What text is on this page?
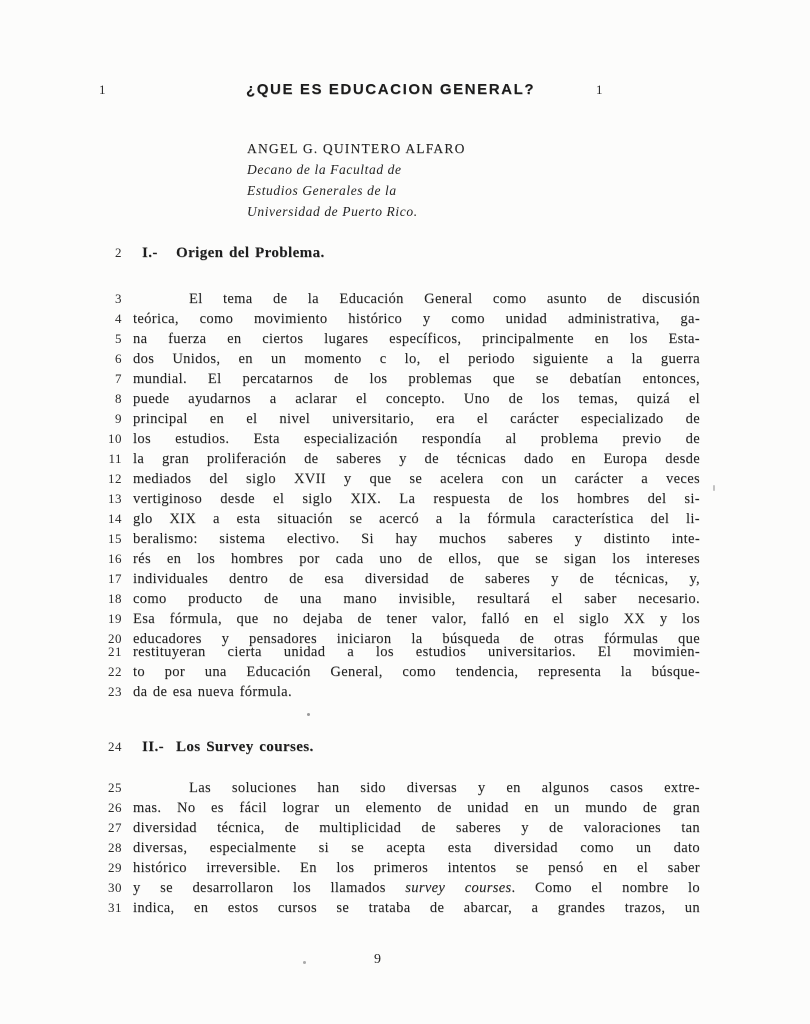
1	¿QUE ES EDUCACION GENERAL?	1
ANGEL G. QUINTERO ALFARO
Decano de la Facultad de
Estudios Generales de la
Universidad de Puerto Rico.
2	I.- Origen del Problema.
3	El tema de la Educación General como asunto de discusión
4 teórica, como movimiento histórico y como unidad administrativa, ga-
5 na fuerza en ciertos lugares específicos, principalmente en los Esta-
6 dos Unidos, en un momento c lo, el periodo siguiente a la guerra
7 mundial. El percatarnos de los problemas que se debatían entonces,
8 puede ayudarnos a aclarar el concepto. Uno de los temas, quizá el
9 principal en el nivel universitario, era el carácter especializado de
10 los estudios. Esta especialización respondía al problema previo de
11 la gran proliferación de saberes y de técnicas dado en Europa desde
12 mediados del siglo XVII y que se acelera con un carácter a veces
13 vertiginoso desde el siglo XIX. La respuesta de los hombres del si-
14 glo XIX a esta situación se acercó a la fórmula característica del li-
15 beralismo: sistema electivo. Si hay muchos saberes y distinto inte-
16 rés en los hombres por cada uno de ellos, que se sigan los intereses
17 individuales dentro de esa diversidad de saberes y de técnicas, y,
18 como producto de una mano invisible, resultará el saber necesario.
19 Esa fórmula, que no dejaba de tener valor, falló en el siglo XX y los
20 educadores y pensadores iniciaron la búsqueda de otras fórmulas que
21 restituyeran cierta unidad a los estudios universitarios. El movimien-
22 to por una Educación General, como tendencia, representa la búsque-
23 da de esa nueva fórmula.
24	II.- Los Survey courses.
25	Las soluciones han sido diversas y en algunos casos extre-
26 mas. No es fácil lograr un elemento de unidad en un mundo de gran
27 diversidad técnica, de multiplicidad de saberes y de valoraciones tan
28 diversas, especialmente si se acepta esta diversidad como un dato
29 histórico irreversible. En los primeros intentos se pensó en el saber
30 y se desarrollaron los llamados survey courses. Como el nombre lo
31 indica, en estos cursos se trataba de abarcar, a grandes trazos, un
9
